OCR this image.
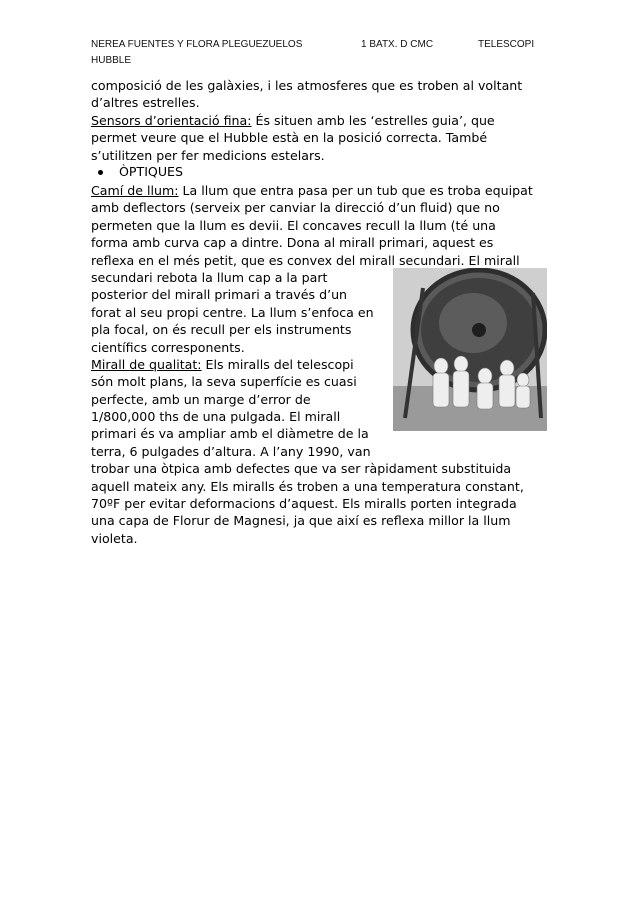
NEREA FUENTES Y FLORA PLEGUEZUELOS
HUBBLE
1 BATX. D CMC	TELESCOPI
composició de les galàxies, i les atmosferes que es troben al voltant
d’altres estrelles.
Sensors d’orientació fina: És situen amb les ‘estrelles guia’, que
permet veure que el Hubble està en la posició correcta. També
s’utilitzen per fer medicions estelars.
ÒPTIQUES
Camí de llum: La llum que entra pasa per un tub que es troba equipat
amb deflectors (serveix per canviar la direcció d’un fluid) que no
permeten que la llum es devii. El concaves recull la llum (té una
forma amb curva cap a dintre. Dona al mirall primari, aquest es
reflexa en el més petit, que es convex del mirall secundari. El mirall
secundari rebota la llum cap a la part
posterior del mirall primari a través d’un
forat al seu propi centre. La llum s’enfoca en
pla focal, on és recull per els instruments
científics corresponents.
Mirall de qualitat: Els miralls del telescopi
són molt plans, la seva superfície es cuasi
perfecte, amb un marge d’error de
1/800,000 ths de una pulgada. El mirall
primari és va ampliar amb el diàmetre de la
terra, 6 pulgades d’altura. A l’any 1990, van
trobar una òtpica amb defectes que va ser ràpidament substituida
aquell mateix any. Els miralls és troben a una temperatura constant,
70ºF per evitar deformacions d’aquest. Els miralls porten integrada
una capa de Florur de Magnesi, ja que així es reflexa millor la llum
violeta.
